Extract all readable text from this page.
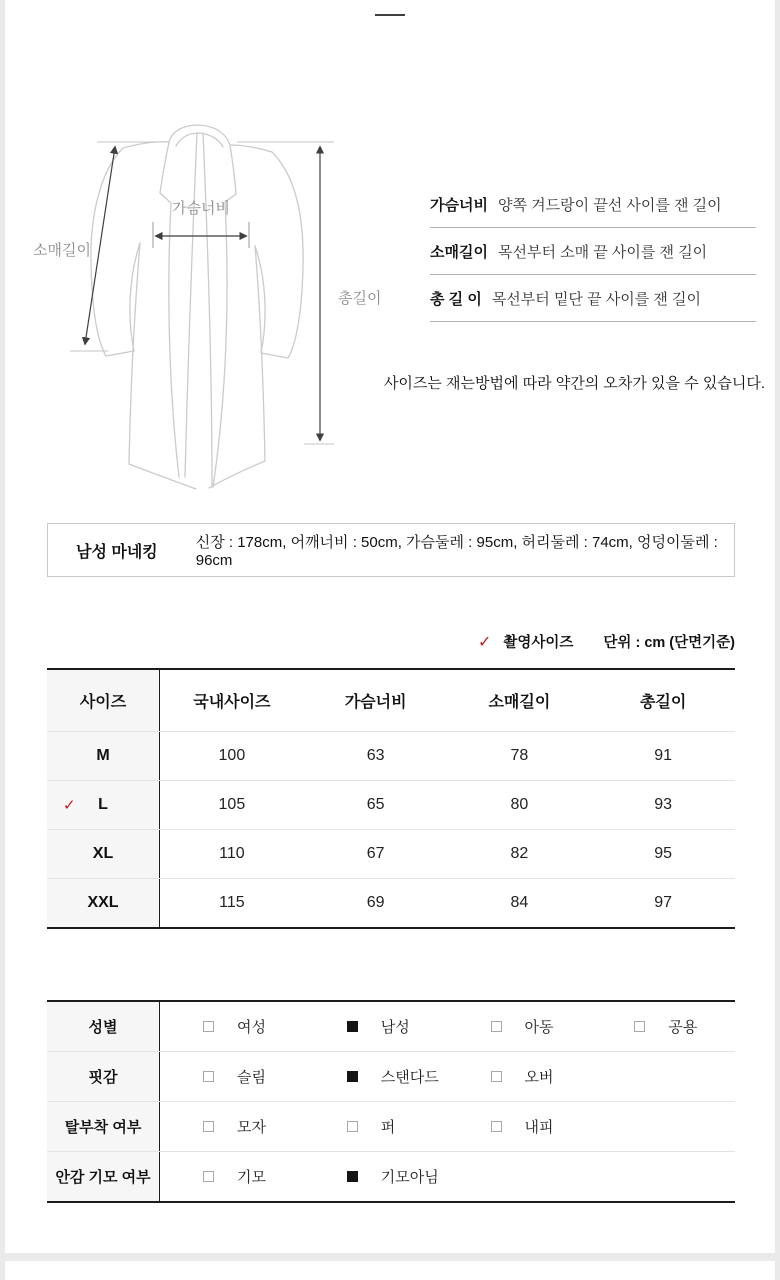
소매길이
가슴너비
총길이
가슴너비 양쪽 겨드랑이 끝선 사이를 잰 길이
소매길이 목선부터 소매 끝 사이를 잰 길이
총 길 이 목선부터 밑단 끝 사이를 잰 길이
사이즈는 재는방법에 따라 약간의 오차가 있을 수 있습니다.
남성 마네킹
신장 : 178cm, 어깨너비 : 50cm, 가슴둘레 : 95cm, 허리둘레 : 74cm, 엉덩이둘레 : 96cm
✓ 촬영사이즈 단위 : cm (단면기준)
사이즈	국내사이즈	가슴너비	소매길이	총길이
M	100	63	78	91
✓ L	105	65	80	93
XL	110	67	82	95
XXL	115	69	84	97
성별	여성	남성	아동	공용
핏감	슬림	스탠다드	오버
탈부착 여부	모자	퍼	내피
안감 기모 여부	기모	기모아님
